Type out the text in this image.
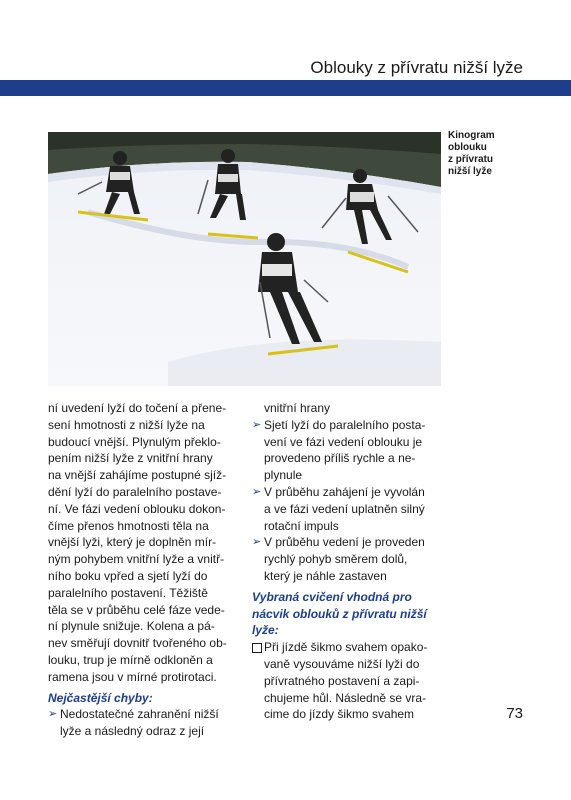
Oblouky z přívratu nižší lyže
Kinogram
oblouku
z přívratu
nižší lyže

ní uvedení lyží do točení a přene-
sení hmotnosti z nižší lyže na
budoucí vnější. Plynulým překlo-
pením nižší lyže z vnitřní hrany
na vnější zahájíme postupné sjíž-
dění lyží do paralelního postave-
ní. Ve fázi vedení oblouku dokon-
číme přenos hmotnosti těla na
vnější lyži, který je doplněn mír-
ným pohybem vnitřní lyže a vnitř-
ního boku vpřed a sjetí lyží do
paralelního postavení. Těžiště
těla se v průběhu celé fáze vede-
ní plynule snižuje. Kolena a pá-
nev směřují dovnitř tvořeného ob-
louku, trup je mírně odkloněn a
ramena jsou v mírné protirotaci.

Nejčastější chyby:
➢ Nedostatečné zahranění nižší
lyže a následný odraz z její
vnitřní hrany
➢ Sjetí lyží do paralelního posta-
vení ve fázi vedení oblouku je
provedeno příliš rychle a ne-
plynule
➢ V průběhu zahájení je vyvolán
a ve fázi vedení uplatněn silný
rotační impuls
➢ V průběhu vedení je proveden
rychlý pohyb směrem dolů,
který je náhle zastaven
Vybraná cvičení vhodná pro
nácvik oblouků z přívratu nižší
lyže:
Při jízdě šikmo svahem opako-
vaně vysouváme nižší lyži do
přívratného postavení a zapi-
chujeme hůl. Následně se vra-
cime do jízdy šikmo svahem	73
